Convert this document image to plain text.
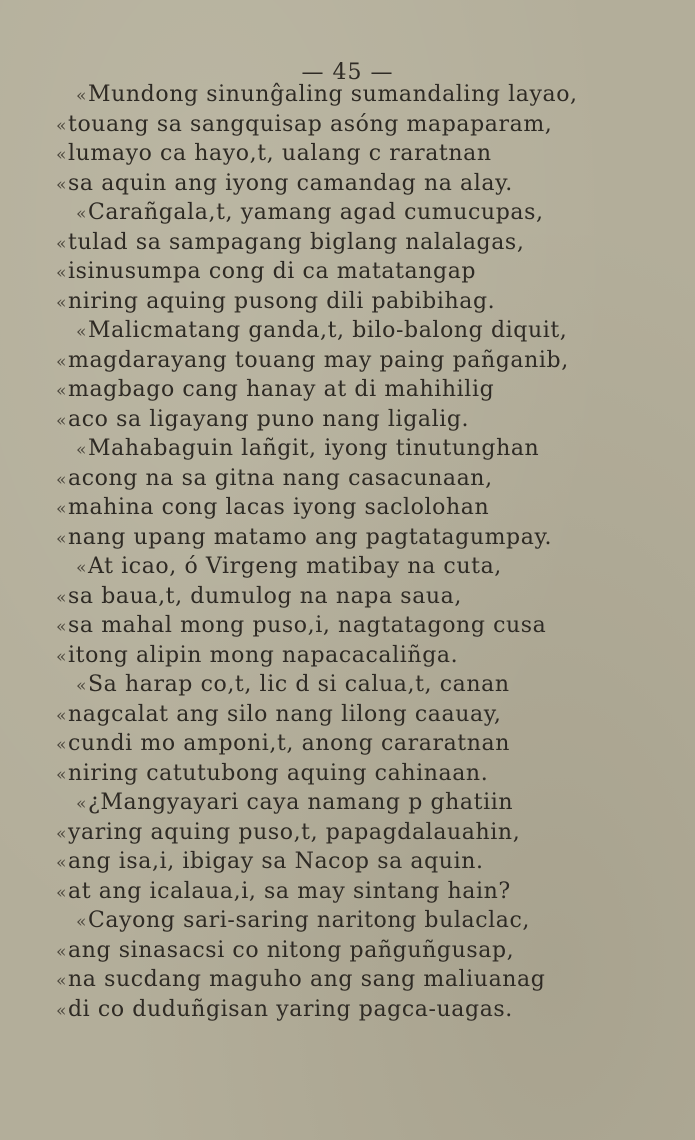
— 45 —
«Mundong sinunĝaling sumandaling layao,
«touang sa sangquisap asóng mapaparam,
«lumayo ca hayo,t, ualang c raratnan
«sa aquin ang iyong camandag na alay.
«Carañgala,t, yamang agad cumucupas,
«tulad sa sampagang biglang nalalagas,
«isinusumpa cong di ca matatangap
«niring aquing pusong dili pabibihag.
«Malicmatang ganda,t, bilo-balong diquit,
«magdarayang touang may paing pañganib,
«magbago cang hanay at di mahihilig
«aco sa ligayang puno nang ligalig.
«Mahabaguin lañgit, iyong tinutunghan
«acong na sa gitna nang casacunaan,
«mahina cong lacas iyong saclolohan
«nang upang matamo ang pagtatagumpay.
«At icao, ó Virgeng matibay na cuta,
«sa baua,t, dumulog na napa saua,
«sa mahal mong puso,i, nagtatagong cusa
«itong alipin mong napacacaliñga.
«Sa harap co,t, lic d si calua,t, canan
«nagcalat ang silo nang lilong caauay,
«cundi mo amponi,t, anong cararatnan
«niring catutubong aquing cahinaan.
«¿Mangyayari caya namang p ghatiin
«yaring aquing puso,t, papagdalauahin,
«ang isa,i, ibigay sa Nacop sa aquin.
«at ang icalaua,i, sa may sintang hain?
«Cayong sari-saring naritong bulaclac,
«ang sinasacsi co nitong pañguñgusap,
«na sucdang maguho ang sang maliuanag
«di co duduñgisan yaring pagca-uagas.
